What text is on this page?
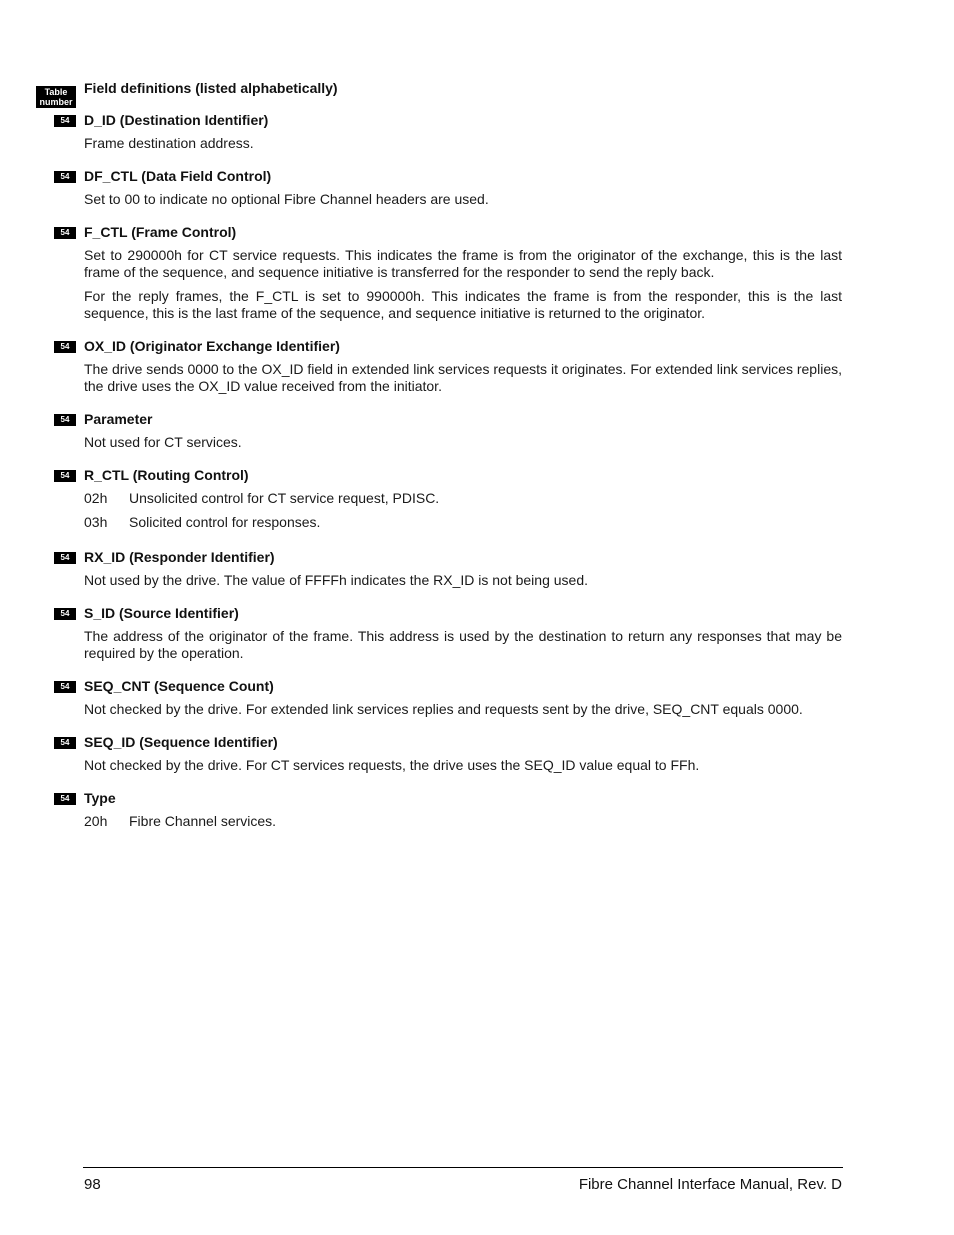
Table
number
Field definitions (listed alphabetically)
54	D_ID (Destination Identifier)
Frame destination address.
54	DF_CTL (Data Field Control)
Set to 00 to indicate no optional Fibre Channel headers are used.
54	F_CTL (Frame Control)
Set to 290000h for CT service requests. This indicates the frame is from the originator of the exchange, this is the last frame of the sequence, and sequence initiative is transferred for the responder to send the reply back.
For the reply frames, the F_CTL is set to 990000h. This indicates the frame is from the responder, this is the last sequence, this is the last frame of the sequence, and sequence initiative is returned to the originator.
54	OX_ID (Originator Exchange Identifier)
The drive sends 0000 to the OX_ID field in extended link services requests it originates. For extended link services replies, the drive uses the OX_ID value received from the initiator.
54	Parameter
Not used for CT services.
54	R_CTL (Routing Control)
02h Unsolicited control for CT service request, PDISC.
03h Solicited control for responses.
54	RX_ID (Responder Identifier)
Not used by the drive. The value of FFFFh indicates the RX_ID is not being used.
54	S_ID (Source Identifier)
The address of the originator of the frame. This address is used by the destination to return any responses that may be required by the operation.
54	SEQ_CNT (Sequence Count)
Not checked by the drive. For extended link services replies and requests sent by the drive, SEQ_CNT equals 0000.
54	SEQ_ID (Sequence Identifier)
Not checked by the drive. For CT services requests, the drive uses the SEQ_ID value equal to FFh.
54	Type
20h Fibre Channel services.
98	Fibre Channel Interface Manual, Rev. D
